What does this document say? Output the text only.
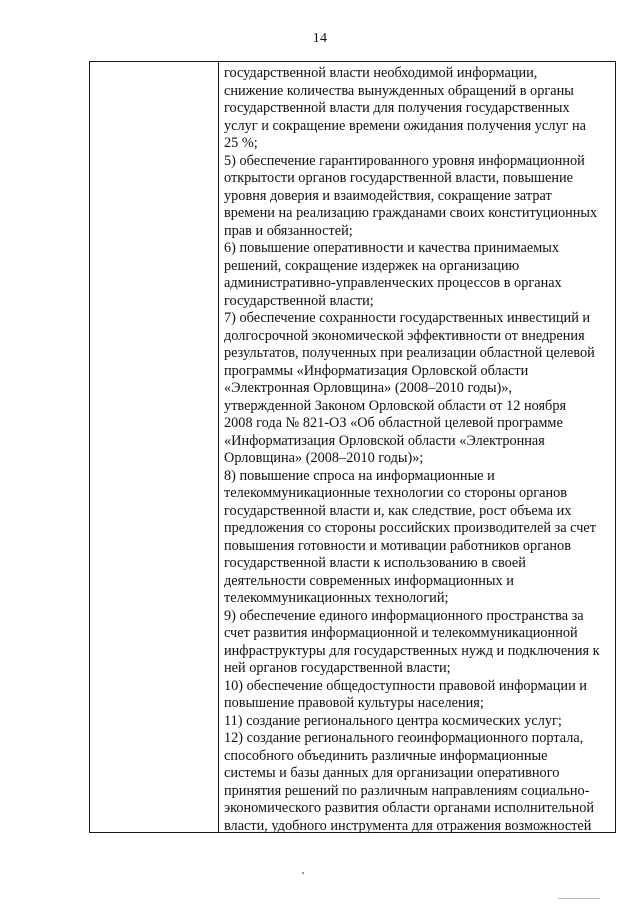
14
государственной власти необходимой информации,
снижение количества вынужденных обращений в органы
государственной власти для получения государственных
услуг и сокращение времени ожидания получения услуг на
25 %;
5) обеспечение гарантированного уровня информационной
открытости органов государственной власти, повышение
уровня доверия и взаимодействия, сокращение затрат
времени на реализацию гражданами своих конституционных
прав и обязанностей;
6) повышение оперативности и качества принимаемых
решений, сокращение издержек на организацию
административно-управленческих процессов в органах
государственной власти;
7) обеспечение сохранности государственных инвестиций и
долгосрочной экономической эффективности от внедрения
результатов, полученных при реализации областной целевой
программы «Информатизация Орловской области
«Электронная Орловщина» (2008–2010 годы)»,
утвержденной Законом Орловской области от 12 ноября
2008 года № 821-ОЗ «Об областной целевой программе
«Информатизация Орловской области «Электронная
Орловщина» (2008–2010 годы)»;
8) повышение спроса на информационные и
телекоммуникационные технологии со стороны органов
государственной власти и, как следствие, рост объема их
предложения со стороны российских производителей за счет
повышения готовности и мотивации работников органов
государственной власти к использованию в своей
деятельности современных информационных и
телекоммуникационных технологий;
9) обеспечение единого информационного пространства за
счет развития информационной и телекоммуникационной
инфраструктуры для государственных нужд и подключения к
ней органов государственной власти;
10) обеспечение общедоступности правовой информации и
повышение правовой культуры населения;
11) создание регионального центра космических услуг;
12) создание регионального геоинформационного портала,
способного объединить различные информационные
системы и базы данных для организации оперативного
принятия решений по различным направлениям социально-
экономического развития области органами исполнительной
власти, удобного инструмента для отражения возможностей
